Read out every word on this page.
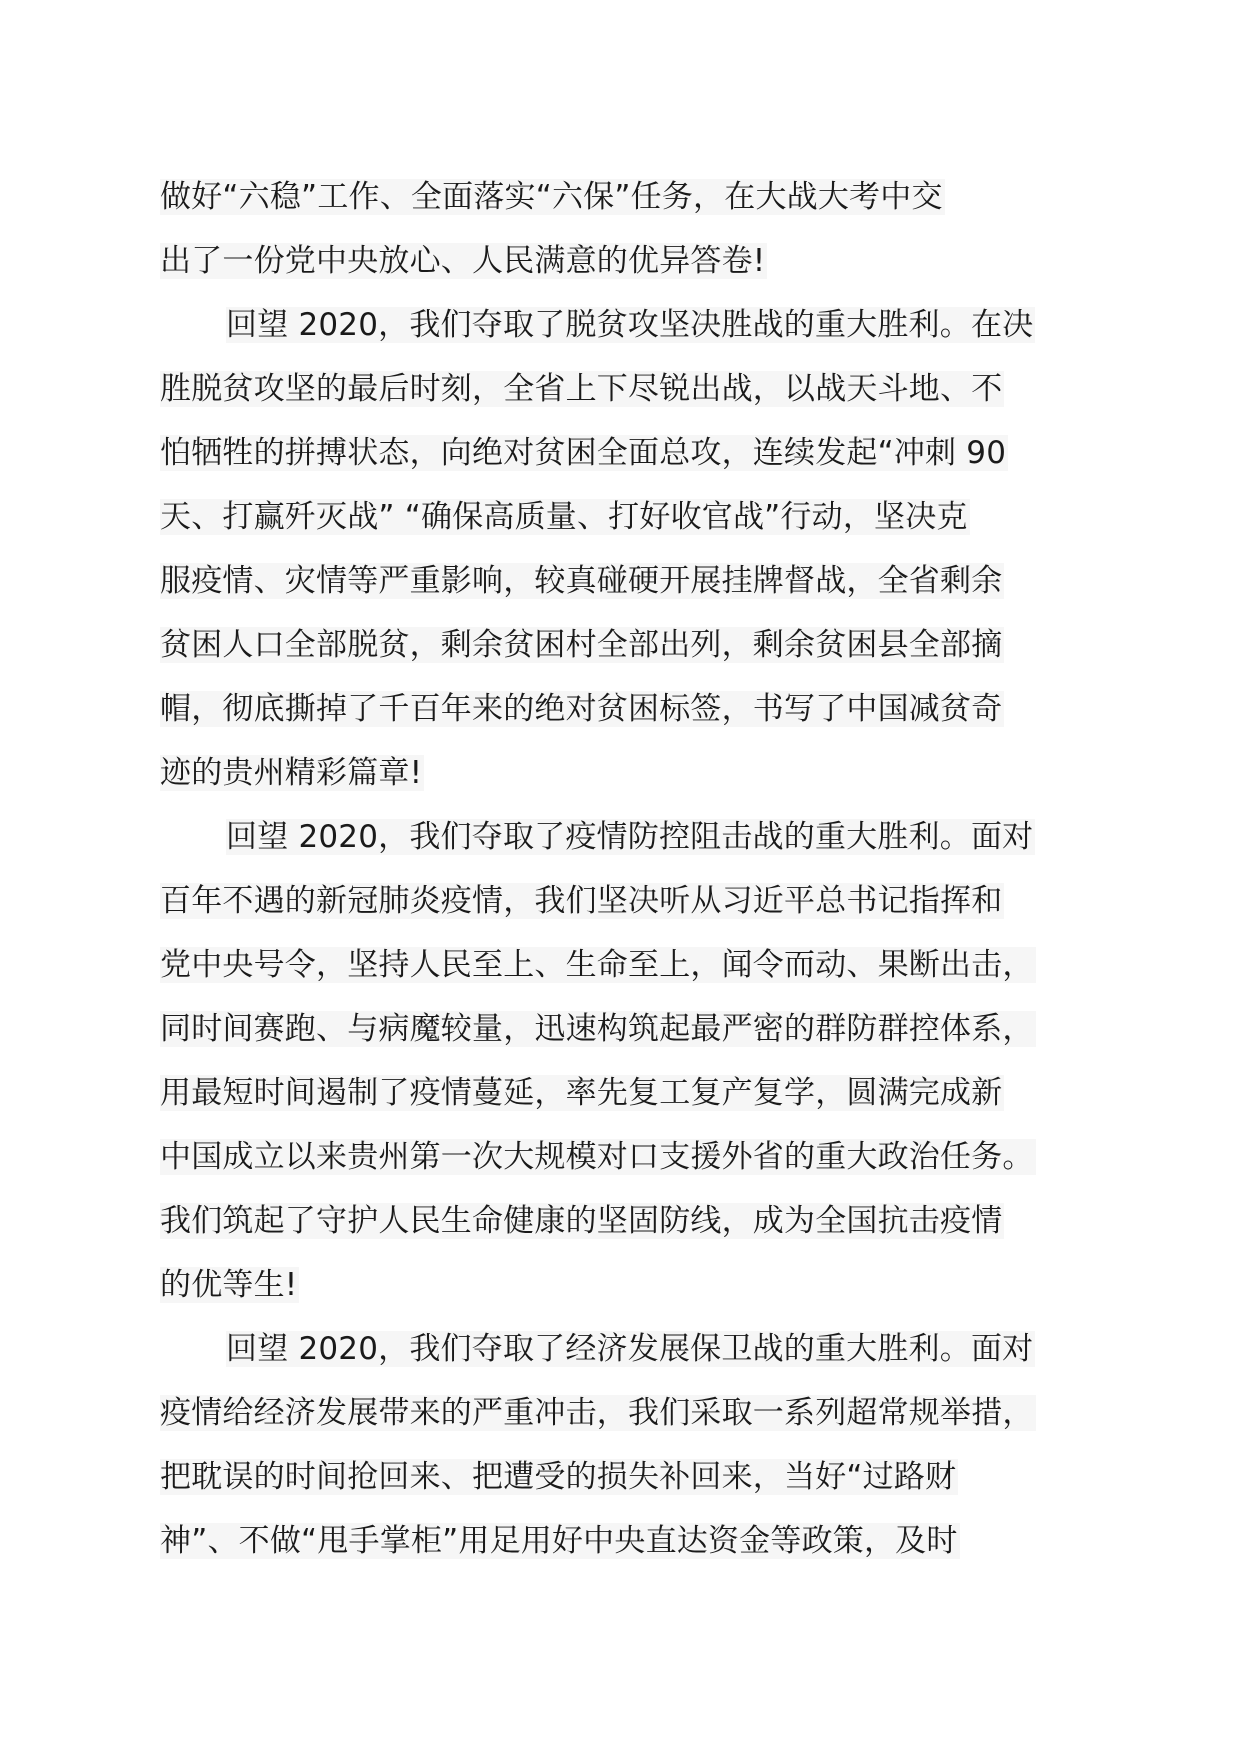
做好“六稳”工作、全面落实“六保”任务，在大战大考中交
出了一份党中央放心、人民满意的优异答卷!
回望 2020，我们夺取了脱贫攻坚决胜战的重大胜利。在决
胜脱贫攻坚的最后时刻，全省上下尽锐出战，以战天斗地、不
怕牺牲的拼搏状态，向绝对贫困全面总攻，连续发起“冲刺 90
天、打赢歼灭战” “确保高质量、打好收官战”行动，坚决克
服疫情、灾情等严重影响，较真碰硬开展挂牌督战，全省剩余
贫困人口全部脱贫，剩余贫困村全部出列，剩余贫困县全部摘
帽，彻底撕掉了千百年来的绝对贫困标签，书写了中国减贫奇
迹的贵州精彩篇章!
回望 2020，我们夺取了疫情防控阻击战的重大胜利。面对
百年不遇的新冠肺炎疫情，我们坚决听从习近平总书记指挥和
党中央号令，坚持人民至上、生命至上，闻令而动、果断出击，
同时间赛跑、与病魔较量，迅速构筑起最严密的群防群控体系，
用最短时间遏制了疫情蔓延，率先复工复产复学，圆满完成新
中国成立以来贵州第一次大规模对口支援外省的重大政治任务。
我们筑起了守护人民生命健康的坚固防线，成为全国抗击疫情
的优等生!
回望 2020，我们夺取了经济发展保卫战的重大胜利。面对
疫情给经济发展带来的严重冲击，我们采取一系列超常规举措，
把耽误的时间抢回来、把遭受的损失补回来，当好“过路财
神”、不做“甩手掌柜”用足用好中央直达资金等政策，及时
